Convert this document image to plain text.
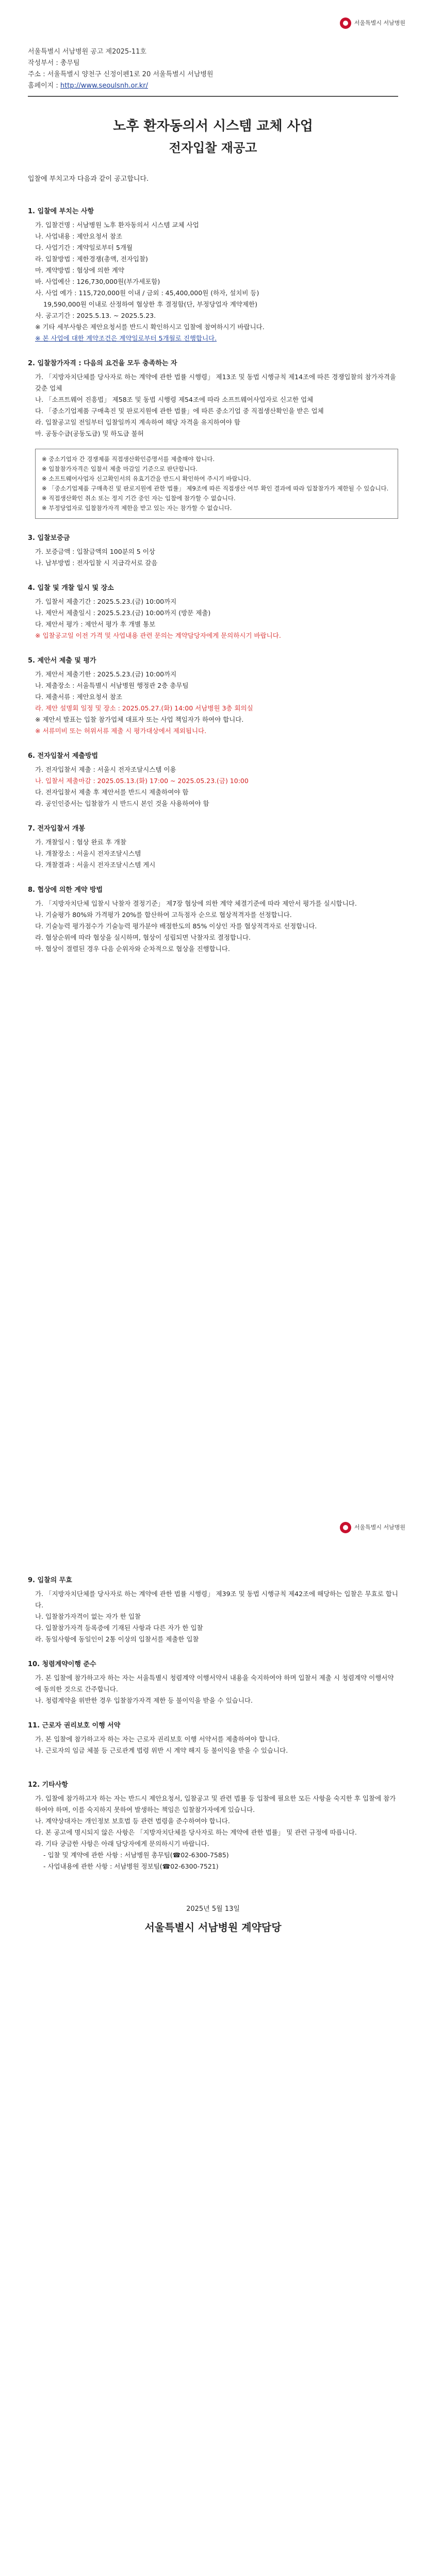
서울특별시 서남병원
서울특별시 서남병원 공고 제2025-11호
작성부서 : 총무팀
주소 : 서울특별시 양천구 신정이펜1로 20 서울특별시 서남병원
홈페이지 : http://www.seoulsnh.or.kr/
노후 환자동의서 시스템 교체 사업
전자입찰 재공고

입찰에 부치고자 다음과 같이 공고합니다.

1. 입찰에 부치는 사항

가. 입찰건명 : 서남병원 노후 환자동의서 시스템 교체 사업

나. 사업내용 : 제안요청서 참조

다. 사업기간 : 계약일로부터 5개월

라. 입찰방법 : 제한경쟁(총액, 전자입찰)

마. 계약방법 : 협상에 의한 계약

바. 사업예산 : 126,730,000원(부가세포함)

사. 사업 예가 : 115,720,000원 이내 / 금외 : 45,400,000원 (하자, 설치비 등)

19,590,000원 이내로 산정하여 협상한 후 결정함(단, 부정당업자 계약제한)

사. 공고기간 : 2025.5.13. ~ 2025.5.23.

※ 기타 세부사항은 제안요청서를 반드시 확인하시고 입찰에 참여하시기 바랍니다.

※ 본 사업에 대한 계약조건은 계약일로부터 5개월로 진행합니다.

2. 입찰참가자격 : 다음의 요건을 모두 충족하는 자

가. 「지방자치단체를 당사자로 하는 계약에 관한 법률 시행령」 제13조 및 동법 시행규칙 제14조에 따른 경쟁입찰의 참가자격을 갖춘 업체

나. 「소프트웨어 진흥법」 제58조 및 동법 시행령 제54조에 따라 소프트웨어사업자로 신고한 업체

다. 「중소기업제품 구매촉진 및 판로지원에 관한 법률」에 따른 중소기업 중 직접생산확인을 받은 업체

라. 입찰공고일 전일부터 입찰일까지 계속하여 해당 자격을 유지하여야 함

마. 공동수급(공동도급) 및 하도급 불허

※ 중소기업자 간 경쟁제품 직접생산확인증명서를 제출해야 합니다.
※ 입찰참가자격은 입찰서 제출 마감일 기준으로 판단합니다.
※ 소프트웨어사업자 신고확인서의 유효기간을 반드시 확인하여 주시기 바랍니다.
※ 「중소기업제품 구매촉진 및 판로지원에 관한 법률」 제9조에 따른 직접생산 여부 확인 결과에 따라 입찰참가가 제한될 수 있습니다.
※ 직접생산확인 취소 또는 정지 기간 중인 자는 입찰에 참가할 수 없습니다.
※ 부정당업자로 입찰참가자격 제한을 받고 있는 자는 참가할 수 없습니다.
3. 입찰보증금

가. 보증금액 : 입찰금액의 100분의 5 이상

나. 납부방법 : 전자입찰 시 지급각서로 갈음

4. 입찰 및 개찰 일시 및 장소

가. 입찰서 제출기간 : 2025.5.23.(금) 10:00까지

나. 제안서 제출일시 : 2025.5.23.(금) 10:00까지 (방문 제출)

다. 제안서 평가 : 제안서 평가 후 개별 통보

※ 입찰공고일 이전 가격 및 사업내용 관련 문의는 계약담당자에게 문의하시기 바랍니다.

5. 제안서 제출 및 평가

가. 제안서 제출기한 : 2025.5.23.(금) 10:00까지

나. 제출장소 : 서울특별시 서남병원 행정관 2층 총무팀

다. 제출서류 : 제안요청서 참조

라. 제안 설명회 일정 및 장소 : 2025.05.27.(화) 14:00 서남병원 3층 회의실

※ 제안서 발표는 입찰 참가업체 대표자 또는 사업 책임자가 하여야 합니다.

※ 서류미비 또는 허위서류 제출 시 평가대상에서 제외됩니다.

6. 전자입찰서 제출방법

가. 전자입찰서 제출 : 서울시 전자조달시스템 이용

나. 입찰서 제출마감 : 2025.05.13.(화) 17:00 ~ 2025.05.23.(금) 10:00

다. 전자입찰서 제출 후 제안서를 반드시 제출하여야 함

라. 공인인증서는 입찰참가 시 반드시 본인 것을 사용하여야 함

7. 전자입찰서 개봉

가. 개찰일시 : 협상 완료 후 개찰

나. 개찰장소 : 서울시 전자조달시스템

다. 개찰결과 : 서울시 전자조달시스템 게시

8. 협상에 의한 계약 방법

가. 「지방자치단체 입찰시 낙찰자 결정기준」 제7장 협상에 의한 계약 체결기준에 따라 제안서 평가를 실시합니다.

나. 기술평가 80%와 가격평가 20%를 합산하여 고득점자 순으로 협상적격자를 선정합니다.

다. 기술능력 평가점수가 기술능력 평가분야 배점한도의 85% 이상인 자를 협상적격자로 선정합니다.

라. 협상순위에 따라 협상을 실시하며, 협상이 성립되면 낙찰자로 결정합니다.

마. 협상이 결렬된 경우 다음 순위자와 순차적으로 협상을 진행합니다.

서울특별시 서남병원
9. 입찰의 무효

가. 「지방자치단체를 당사자로 하는 계약에 관한 법률 시행령」 제39조 및 동법 시행규칙 제42조에 해당하는 입찰은 무효로 합니다.

나. 입찰참가자격이 없는 자가 한 입찰

다. 입찰참가자격 등록증에 기재된 사항과 다른 자가 한 입찰

라. 동일사항에 동일인이 2통 이상의 입찰서를 제출한 입찰

10. 청렴계약이행 준수

가. 본 입찰에 참가하고자 하는 자는 서울특별시 청렴계약 이행서약서 내용을 숙지하여야 하며 입찰서 제출 시 청렴계약 이행서약에 동의한 것으로 간주합니다.

나. 청렴계약을 위반한 경우 입찰참가자격 제한 등 불이익을 받을 수 있습니다.

11. 근로자 권리보호 이행 서약

가. 본 입찰에 참가하고자 하는 자는 근로자 권리보호 이행 서약서를 제출하여야 합니다.

나. 근로자의 임금 체불 등 근로관계 법령 위반 시 계약 해지 등 불이익을 받을 수 있습니다.

12. 기타사항

가. 입찰에 참가하고자 하는 자는 반드시 제안요청서, 입찰공고 및 관련 법률 등 입찰에 필요한 모든 사항을 숙지한 후 입찰에 참가하여야 하며, 이를 숙지하지 못하여 발생하는 책임은 입찰참가자에게 있습니다.

나. 계약상대자는 개인정보 보호법 등 관련 법령을 준수하여야 합니다.

다. 본 공고에 명시되지 않은 사항은 「지방자치단체를 당사자로 하는 계약에 관한 법률」 및 관련 규정에 따릅니다.

라. 기타 궁금한 사항은 아래 담당자에게 문의하시기 바랍니다.

- 입찰 및 계약에 관한 사항 : 서남병원 총무팀(☎02-6300-7585)

- 사업내용에 관한 사항 : 서남병원 정보팀(☎02-6300-7521)

2025년 5월 13일
서울특별시 서남병원 계약담당
